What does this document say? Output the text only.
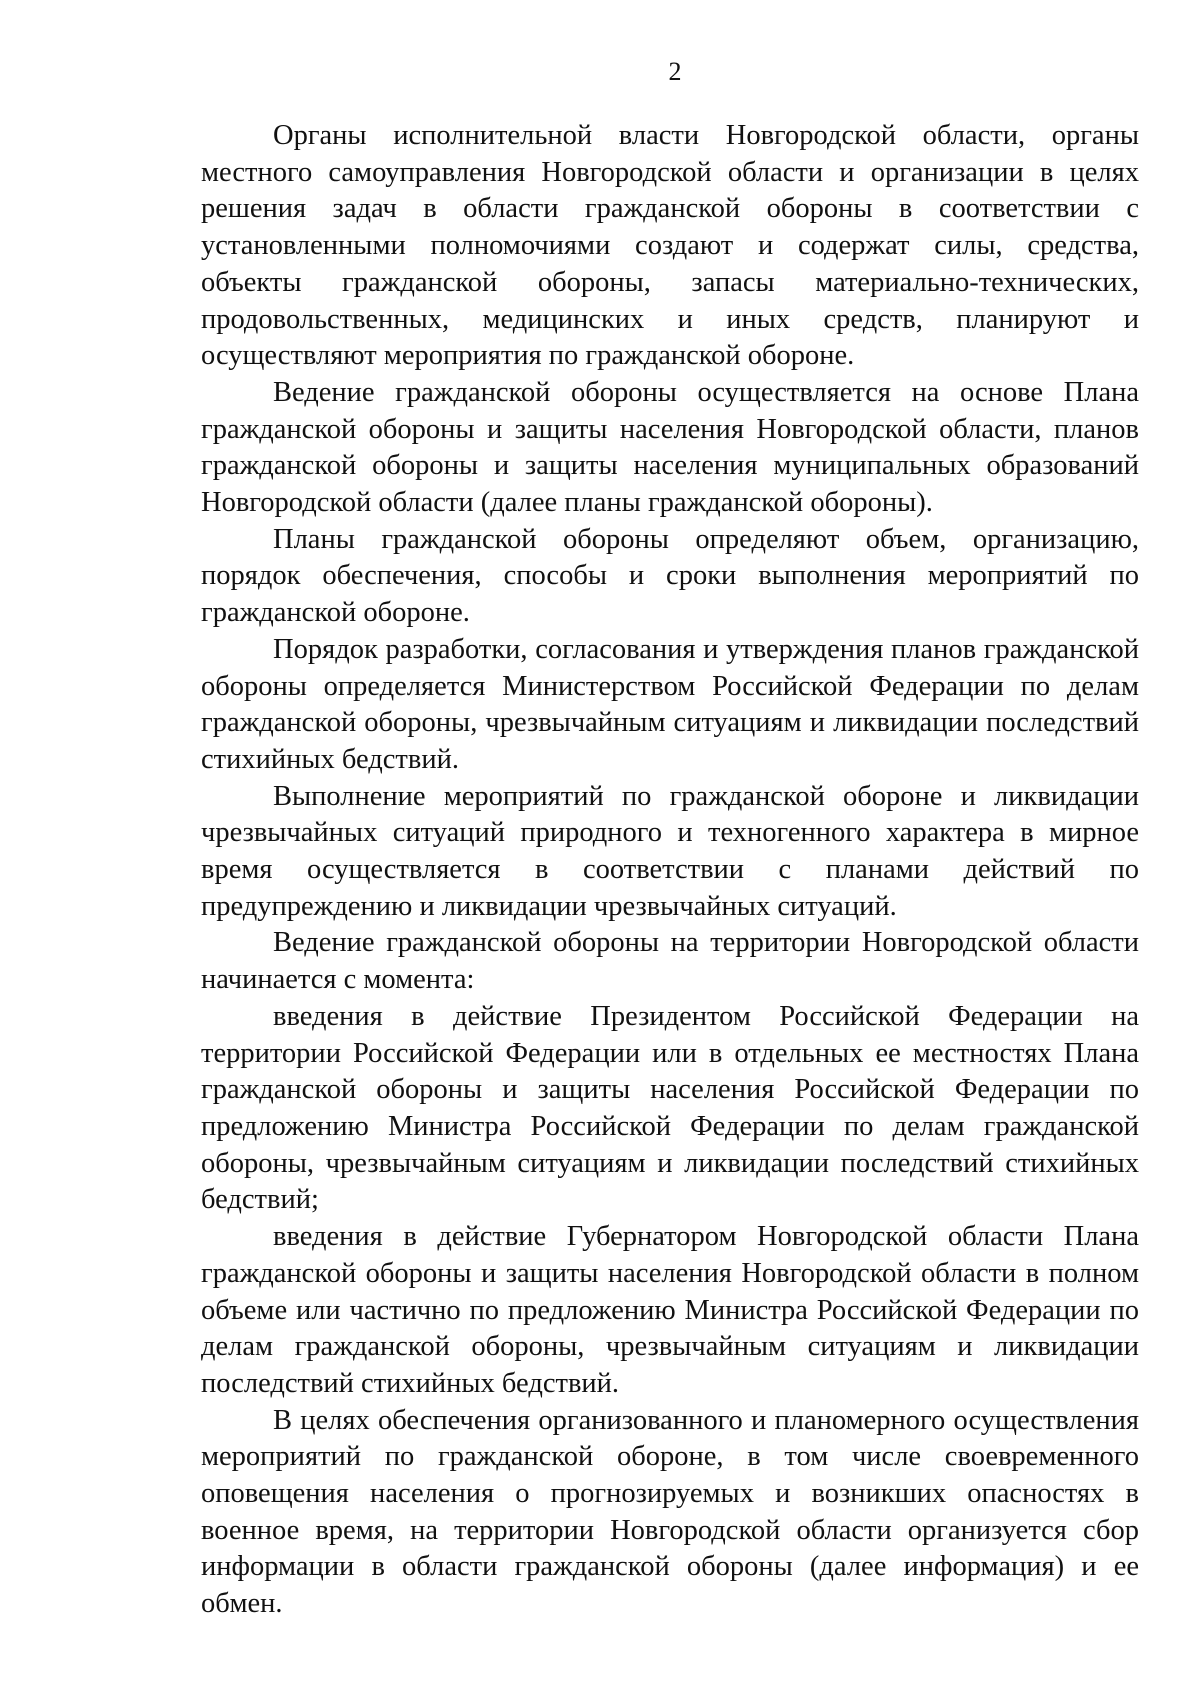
2

Органы исполнительной власти Новгородской области, органы местного самоуправления Новгородской области и организации в целях решения задач в области гражданской обороны в соответствии с установленными полномочиями создают и содержат силы, средства, объекты гражданской обороны, запасы материально-технических, продовольственных, медицинских и иных средств, планируют и осуществляют мероприятия по гражданской обороне.

Ведение гражданской обороны осуществляется на основе Плана гражданской обороны и защиты населения Новгородской области, планов гражданской обороны и защиты населения муниципальных образований Новгородской области (далее планы гражданской обороны).

Планы гражданской обороны определяют объем, организацию, порядок обеспечения, способы и сроки выполнения мероприятий по гражданской обороне.

Порядок разработки, согласования и утверждения планов гражданской обороны определяется Министерством Российской Федерации по делам гражданской обороны, чрезвычайным ситуациям и ликвидации последствий стихийных бедствий.

Выполнение мероприятий по гражданской обороне и ликвидации чрезвычайных ситуаций природного и техногенного характера в мирное время осуществляется в соответствии с планами действий по предупреждению и ликвидации чрезвычайных ситуаций.

Ведение гражданской обороны на территории Новгородской области начинается с момента:

введения в действие Президентом Российской Федерации на территории Российской Федерации или в отдельных ее местностях Плана гражданской обороны и защиты населения Российской Федерации по предложению Министра Российской Федерации по делам гражданской обороны, чрезвычайным ситуациям и ликвидации последствий стихийных бедствий;

введения в действие Губернатором Новгородской области Плана гражданской обороны и защиты населения Новгородской области в полном объеме или частично по предложению Министра Российской Федерации по делам гражданской обороны, чрезвычайным ситуациям и ликвидации последствий стихийных бедствий.

В целях обеспечения организованного и планомерного осуществления мероприятий по гражданской обороне, в том числе своевременного оповещения населения о прогнозируемых и возникших опасностях в военное время, на территории Новгородской области организуется сбор информации в области гражданской обороны (далее информация) и ее обмен.
